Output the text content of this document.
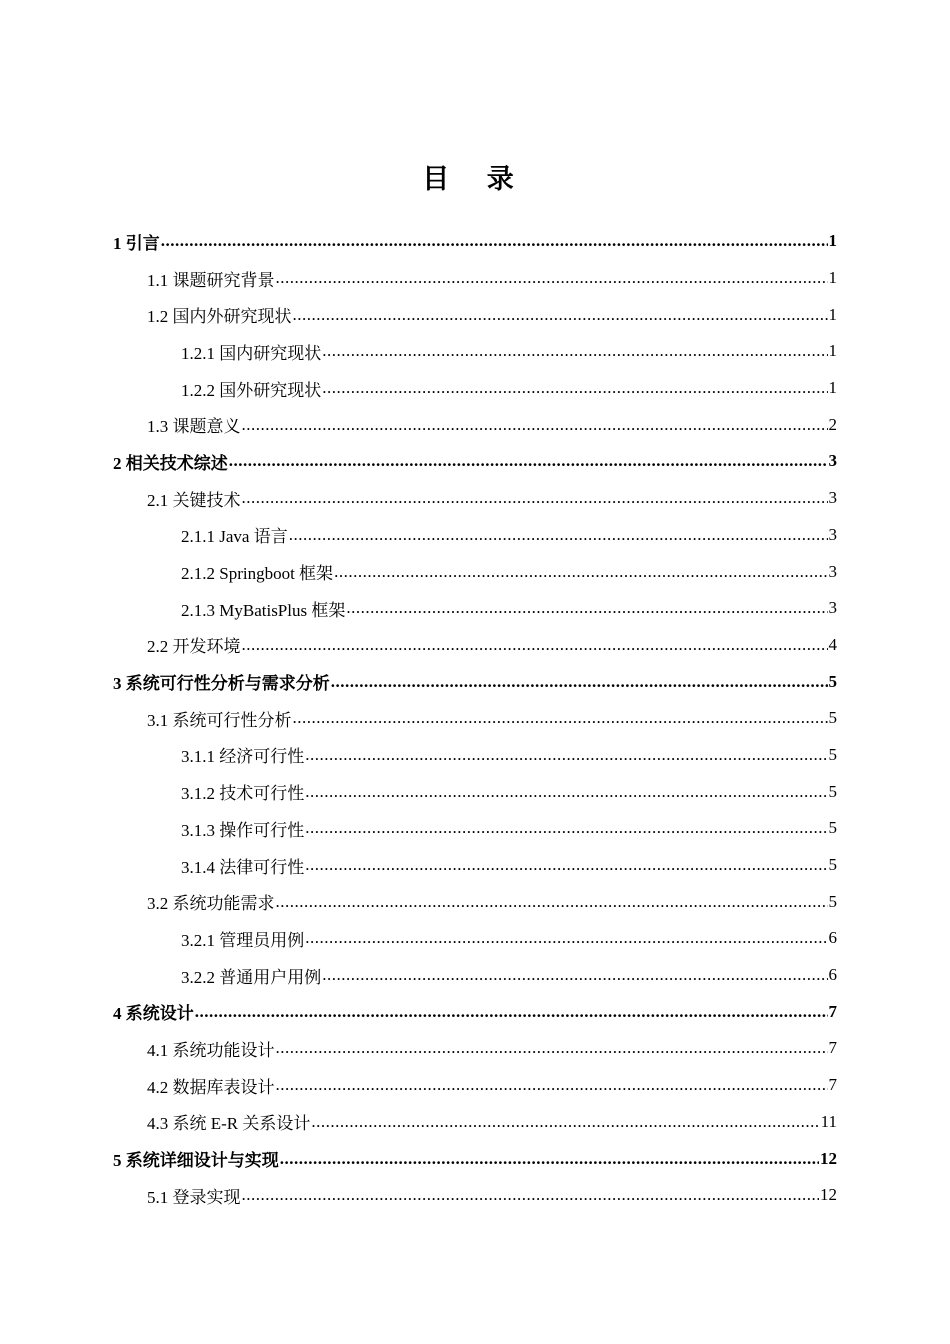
目 录
1 引言 .....	1
1.1 课题研究背景 .....	1
1.2 国内外研究现状 .....	1
1.2.1 国内研究现状 .....	1
1.2.2 国外研究现状 .....	1
1.3 课题意义 .....	2
2 相关技术综述 .....	3
2.1 关键技术 .....	3
2.1.1 Java 语言 .....	3
2.1.2 Springboot 框架 .....	3
2.1.3 MyBatisPlus 框架 .....	3
2.2 开发环境 .....	4
3 系统可行性分析与需求分析 .....	5
3.1 系统可行性分析 .....	5
3.1.1 经济可行性 .....	5
3.1.2 技术可行性 .....	5
3.1.3 操作可行性 .....	5
3.1.4 法律可行性 .....	5
3.2 系统功能需求 .....	5
3.2.1 管理员用例 .....	6
3.2.2 普通用户用例 .....	6
4 系统设计 .....	7
4.1 系统功能设计 .....	7
4.2 数据库表设计 .....	7
4.3 系统 E-R 关系设计 .....	11
5 系统详细设计与实现 .....	12
5.1 登录实现 .....	12
